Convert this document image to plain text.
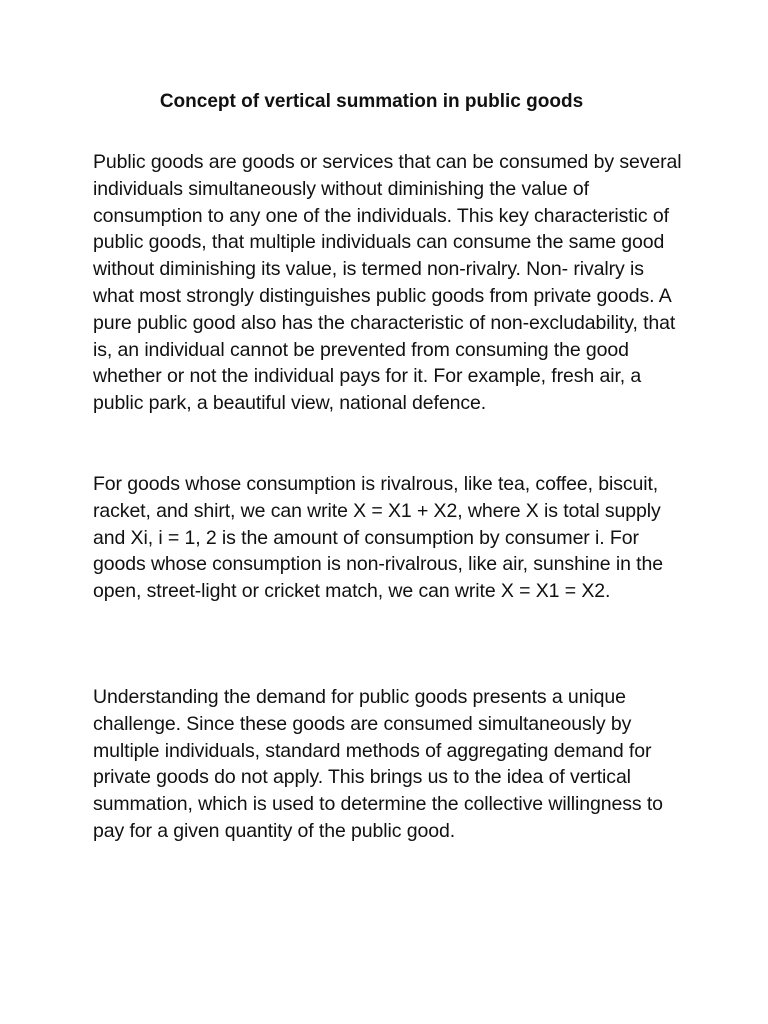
Concept of vertical summation in public goods

Public goods are goods or services that can be consumed by several individuals simultaneously without diminishing the value of consumption to any one of the individuals. This key characteristic of public goods, that multiple individuals can consume the same good without diminishing its value, is termed non-rivalry. Non- rivalry is what most strongly distinguishes public goods from private goods. A pure public good also has the characteristic of non-excludability, that is, an individual cannot be prevented from consuming the good whether or not the individual pays for it. For example, fresh air, a public park, a beautiful view, national defence.

For goods whose consumption is rivalrous, like tea, coffee, biscuit, racket, and shirt, we can write X = X1 + X2, where X is total supply and Xi, i = 1, 2 is the amount of consumption by consumer i. For goods whose consumption is non-rivalrous, like air, sunshine in the open, street-light or cricket match, we can write X = X1 = X2.

Understanding the demand for public goods presents a unique challenge. Since these goods are consumed simultaneously by multiple individuals, standard methods of aggregating demand for private goods do not apply. This brings us to the idea of vertical summation, which is used to determine the collective willingness to pay for a given quantity of the public good.
